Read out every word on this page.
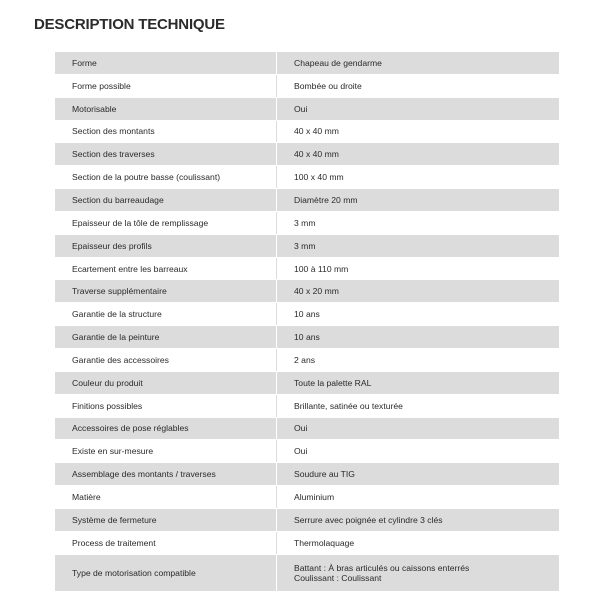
DESCRIPTION TECHNIQUE
Forme	Chapeau de gendarme
Forme possible	Bombée ou droite
Motorisable	Oui
Section des montants	40 x 40 mm
Section des traverses	40 x 40 mm
Section de la poutre basse (coulissant)	100 x 40 mm
Section du barreaudage	Diamètre 20 mm
Epaisseur de la tôle de remplissage	3 mm
Epaisseur des profils	3 mm
Ecartement entre les barreaux	100 à 110 mm
Traverse supplémentaire	40 x 20 mm
Garantie de la structure	10 ans
Garantie de la peinture	10 ans
Garantie des accessoires	2 ans
Couleur du produit	Toute la palette RAL
Finitions possibles	Brillante, satinée ou texturée
Accessoires de pose réglables	Oui
Existe en sur-mesure	Oui
Assemblage des montants / traverses	Soudure au TIG
Matière	Aluminium
Système de fermeture	Serrure avec poignée et cylindre 3 clés
Process de traitement	Thermolaquage
Type de motorisation compatible	Battant : À bras articulés ou caissons enterrés
Coulissant : Coulissant
